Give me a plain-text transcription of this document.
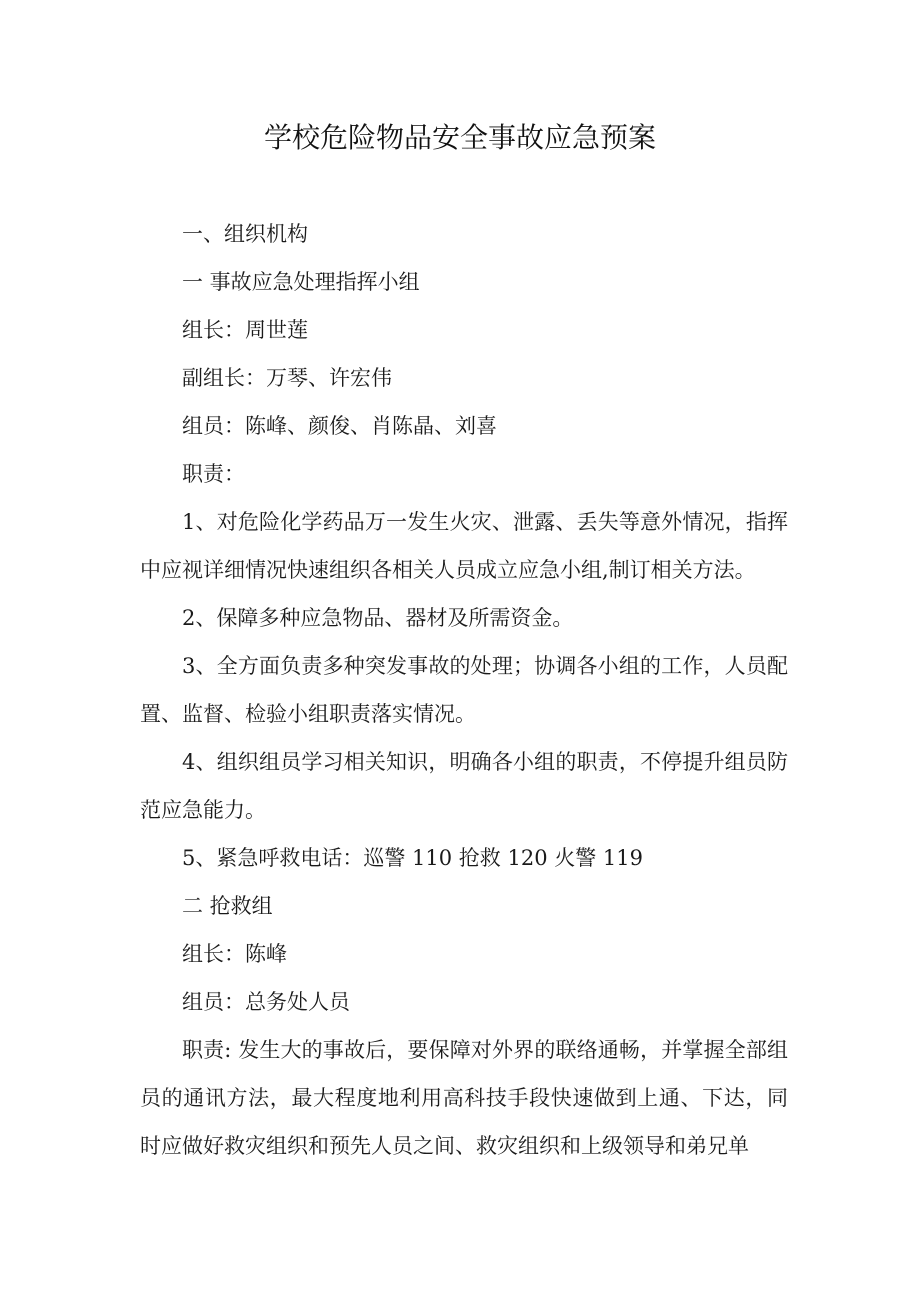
学校危险物品安全事故应急预案

一、组织机构

一 事故应急处理指挥小组

组长：周世莲

副组长：万琴、许宏伟

组员：陈峰、颜俊、肖陈晶、刘喜

职责：

1、对危险化学药品万一发生火灾、泄露、丢失等意外情况，指挥中应视详细情况快速组织各相关人员成立应急小组,制订相关方法。

2、保障多种应急物品、器材及所需资金。

3、全方面负责多种突发事故的处理；协调各小组的工作，人员配置、监督、检验小组职责落实情况。

4、组织组员学习相关知识，明确各小组的职责，不停提升组员防范应急能力。

5、紧急呼救电话：巡警 110 抢救 120 火警 119

二 抢救组

组长：陈峰

组员：总务处人员

职责: 发生大的事故后，要保障对外界的联络通畅，并掌握全部组员的通讯方法，最大程度地利用高科技手段快速做到上通、下达，同时应做好救灾组织和预先人员之间、救灾组织和上级领导和弟兄单
